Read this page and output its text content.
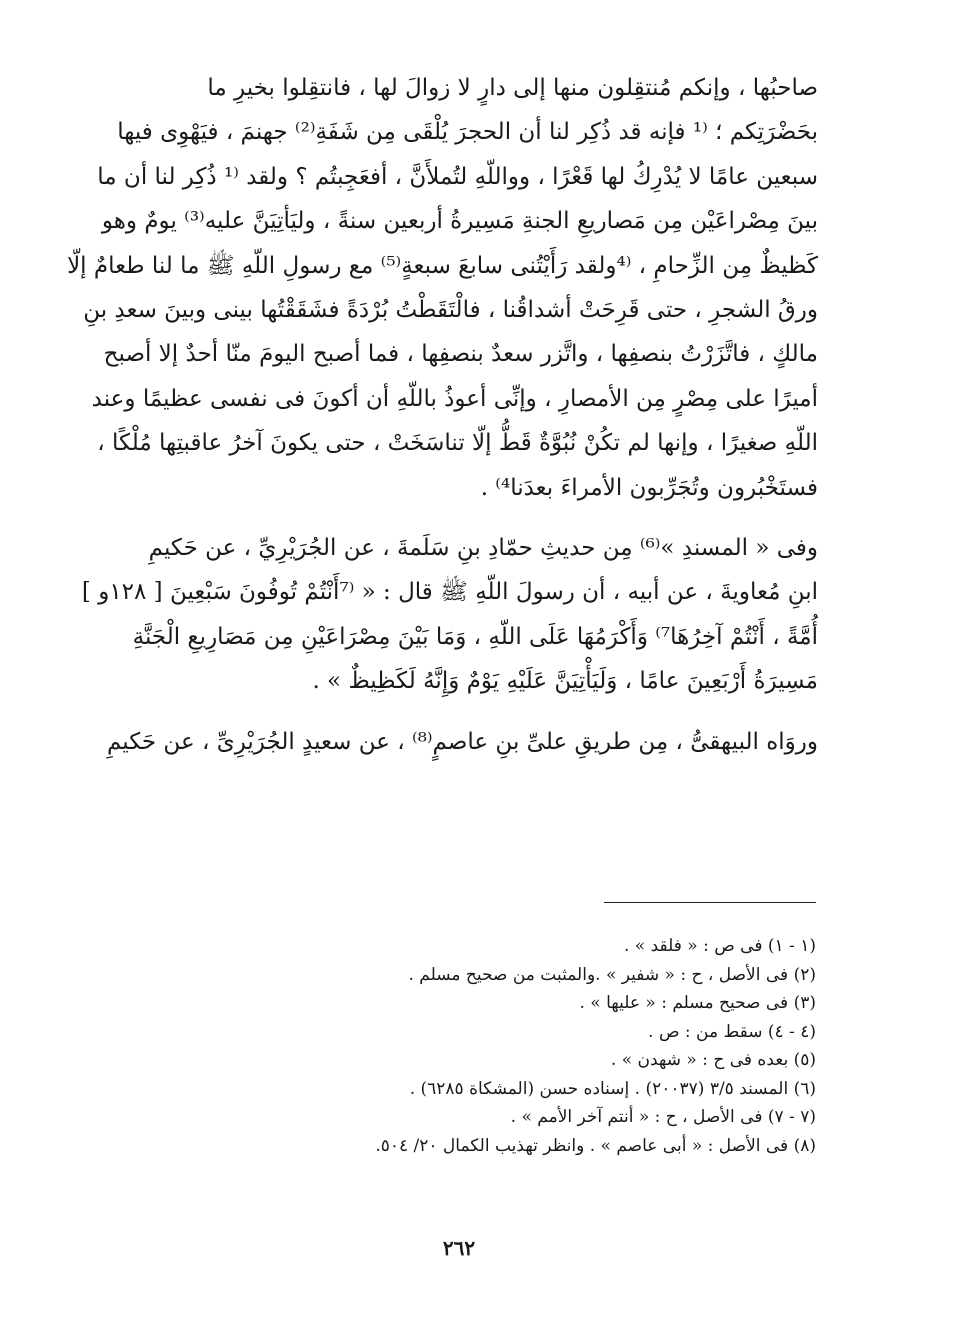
صاحبُها ، وإنكم مُنتقِلون منها إلى دارٍ لا زوالَ لها ، فانتقِلوا بخيرِ ما
بحَضْرَتِكم ؛ ⁽¹ فإنه قد ذُكِر لنا أن الحجرَ يُلْقَى مِن شَفَةِ⁽²⁾ جهنمَ ، فيَهْوِى فيها
سبعين عامًا لا يُدْرِكُ لها قَعْرًا ، وواللّهِ لتُملأَنَّ ، أفعَجِبتُم ؟ ولقد ⁽¹ ذُكِر لنا أن ما
بينَ مِصْراعَيْن مِن مَصاريعِ الجنةِ مَسِيرةُ أربعين سنةً ، وليَأتِيَنَّ عليه⁽³⁾ يومٌ وهو
كَظيظٌ مِن الزِّحامِ ، ⁽⁴ولقد رَأَيْتُنى سابعَ سبعةٍ⁽⁵⁾ مع رسولِ اللّهِ ﷺ ما لنا طعامٌ إلّا
ورقُ الشجرِ ، حتى قَرِحَتْ أشداقُنا ، فالْتَقَطْتُ بُرْدَةً فشَقَقْتُها بينى وبينَ سعدِ بنِ
مالكٍ ، فاتَّزَرْتُ بنصفِها ، واتَّزر سعدٌ بنصفِها ، فما أصبح اليومَ منّا أحدٌ إلا أصبح
أميرًا على مِصْرٍ مِن الأمصارِ ، وإنِّى أعوذُ باللّهِ أن أكونَ فى نفسى عظيمًا وعند
اللّهِ صغيرًا ، وإنها لم تكُنْ نُبُوَّةٌ قَطُّ إلّا تناسَخَتْ ، حتى يكونَ آخرُ عاقبتِها مُلْكًا ،
فستَخْبُرون وتُجَرِّبون الأمراءَ بعدَنا⁴⁾ .
وفى « المسندِ »⁽⁶⁾ مِن حديثِ حمّادِ بنِ سَلَمةَ ، عن الجُرَيْرِيِّ ، عن حَكيمِ
ابنِ مُعاويةَ ، عن أبيه ، أن رسولَ اللّهِ ﷺ قال : « ⁽⁷أَنْتُمْ تُوفُونَ سَبْعِينَ [ ١٢٨و ]
أُمَّةً ، أَنْتُمْ آخِرُهَا⁷⁾ وَأَكْرَمُهَا عَلَى اللّهِ ، وَمَا بَيْنَ مِصْرَاعَيْنِ مِن مَصَارِيعِ الْجَنَّةِ
مَسِيرَةُ أَرْبَعِينَ عامًا ، وَلَيَأْتِيَنَّ عَلَيْهِ يَوْمٌ وَإِنَّهُ لَكَظِيظٌ » .
وروَاه البيهقىُّ ، مِن طريقِ علىِّ بنِ عاصمٍ⁽⁸⁾ ، عن سعيدٍ الجُرَيْرِىِّ ، عن حَكيمِ
(١ - ١) فى ص : « فلقد » .
(٢) فى الأصل ، ح : « شفير » .والمثبت من صحيح مسلم .
(٣) فى صحيح مسلم : « عليها » .
(٤ - ٤) سقط من : ص .
(٥) بعده فى ح : « شهدن » .
(٦) المسند ٣/٥ (٢٠٠٣٧) . إسناده حسن (المشكاة ٦٢٨٥) .
(٧ - ٧) فى الأصل ، ح : « أنتم آخر الأمم » .
(٨) فى الأصل : « أبى عاصم » . وانظر تهذيب الكمال ٢٠/ ٥٠٤.
٢٦٢
